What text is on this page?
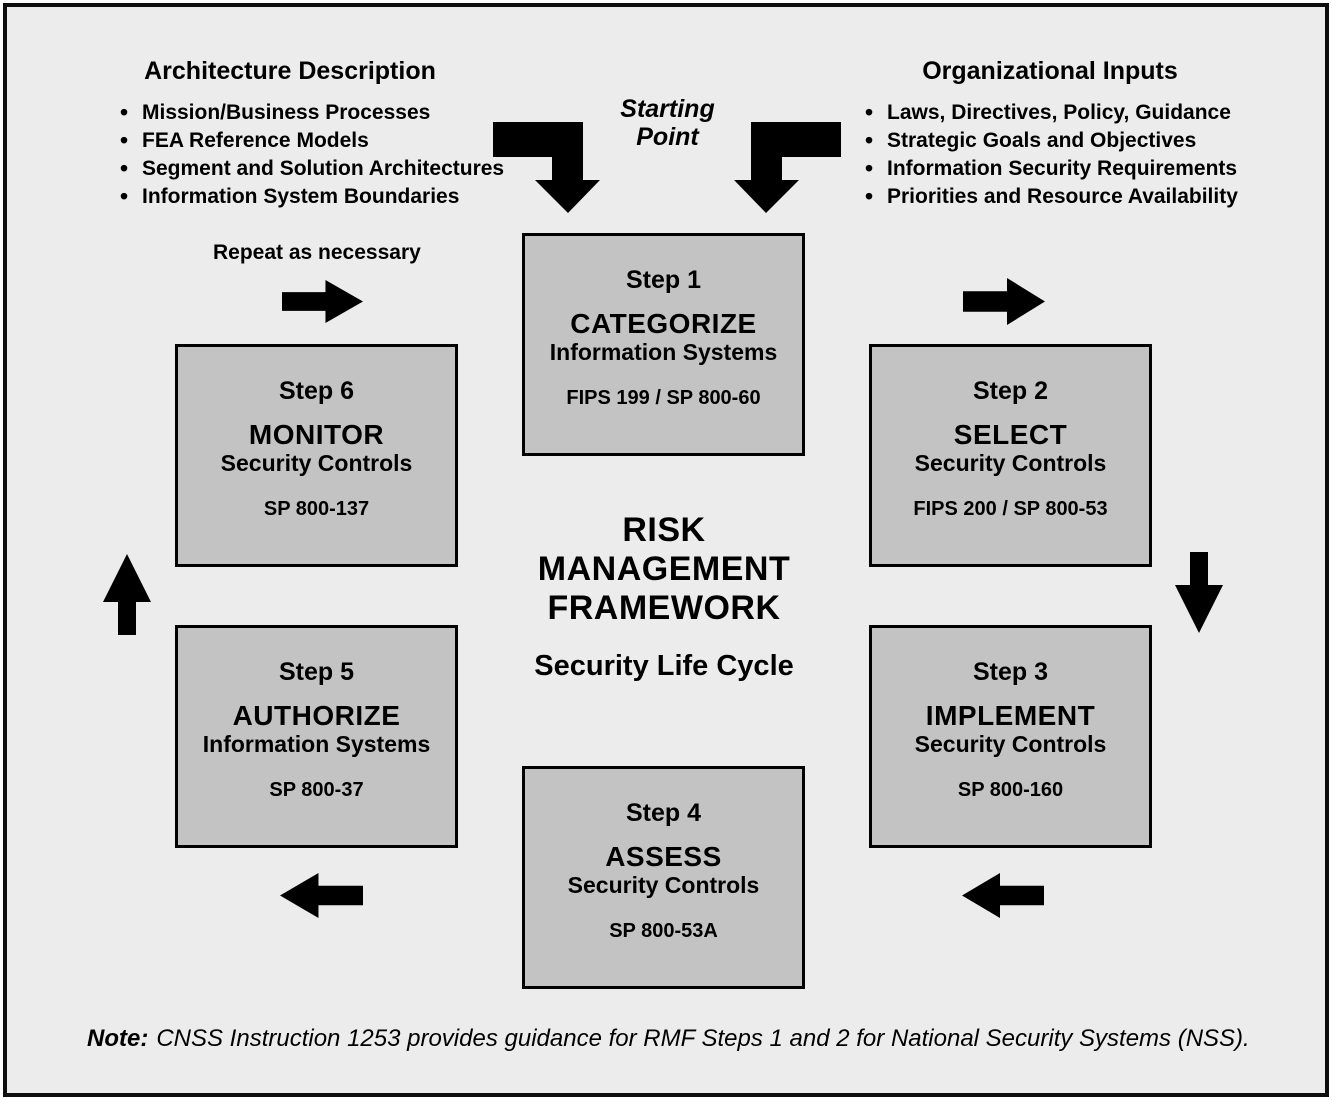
Architecture Description
• Mission/Business Processes
• FEA Reference Models
• Segment and Solution Architectures
• Information System Boundaries
Organizational Inputs
• Laws, Directives, Policy, Guidance
• Strategic Goals and Objectives
• Information Security Requirements
• Priorities and Resource Availability
Starting
Point
Repeat as necessary
Step 1
CATEGORIZE
Information Systems
FIPS 199 / SP 800-60	Step 2
SELECT
Security Controls
FIPS 200 / SP 800-53
Step 3
IMPLEMENT
Security Controls
SP 800-160
Step 4
ASSESS
Security Controls
SP 800-53A
Step 5
AUTHORIZE
Information Systems
SP 800-37
Step 6
MONITOR
Security Controls
SP 800-137
RISK
MANAGEMENT
FRAMEWORK
Security Life Cycle
Note: CNSS Instruction 1253 provides guidance for RMF Steps 1 and 2 for National Security Systems (NSS).
